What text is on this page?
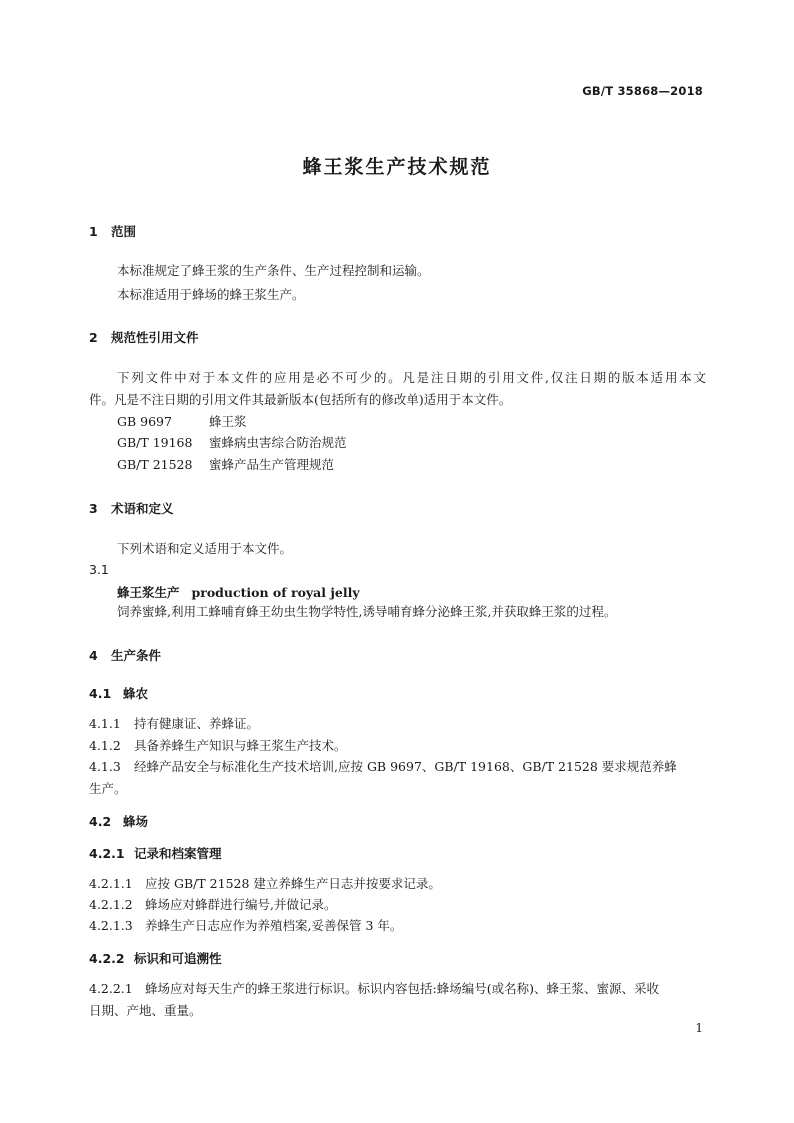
GB/T 35868—2018
蜂王浆生产技术规范
1 范围
本标准规定了蜂王浆的生产条件、生产过程控制和运输。
本标准适用于蜂场的蜂王浆生产。
2 规范性引用文件
下列文件中对于本文件的应用是必不可少的。凡是注日期的引用文件,仅注日期的版本适用本文
件。凡是不注日期的引用文件其最新版本(包括所有的修改单)适用于本文件。
GB 9697	蜂王浆
GB/T 19168 蜜蜂病虫害综合防治规范
GB/T 21528 蜜蜂产品生产管理规范
3 术语和定义
下列术语和定义适用于本文件。
3.1
蜂王浆生产 production of royal jelly
饲养蜜蜂,利用工蜂哺育蜂王幼虫生物学特性,诱导哺育蜂分泌蜂王浆,并获取蜂王浆的过程。
4 生产条件
4.1 蜂农
4.1.1 持有健康证、养蜂证。
4.1.2 具备养蜂生产知识与蜂王浆生产技术。
4.1.3 经蜂产品安全与标准化生产技术培训,应按 GB 9697、GB/T 19168、GB/T 21528 要求规范养蜂
生产。
4.2 蜂场
4.2.1 记录和档案管理
4.2.1.1 应按 GB/T 21528 建立养蜂生产日志并按要求记录。
4.2.1.2 蜂场应对蜂群进行编号,并做记录。
4.2.1.3 养蜂生产日志应作为养殖档案,妥善保管 3 年。
4.2.2 标识和可追溯性
4.2.2.1 蜂场应对每天生产的蜂王浆进行标识。标识内容包括:蜂场编号(或名称)、蜂王浆、蜜源、采收
日期、产地、重量。
1
